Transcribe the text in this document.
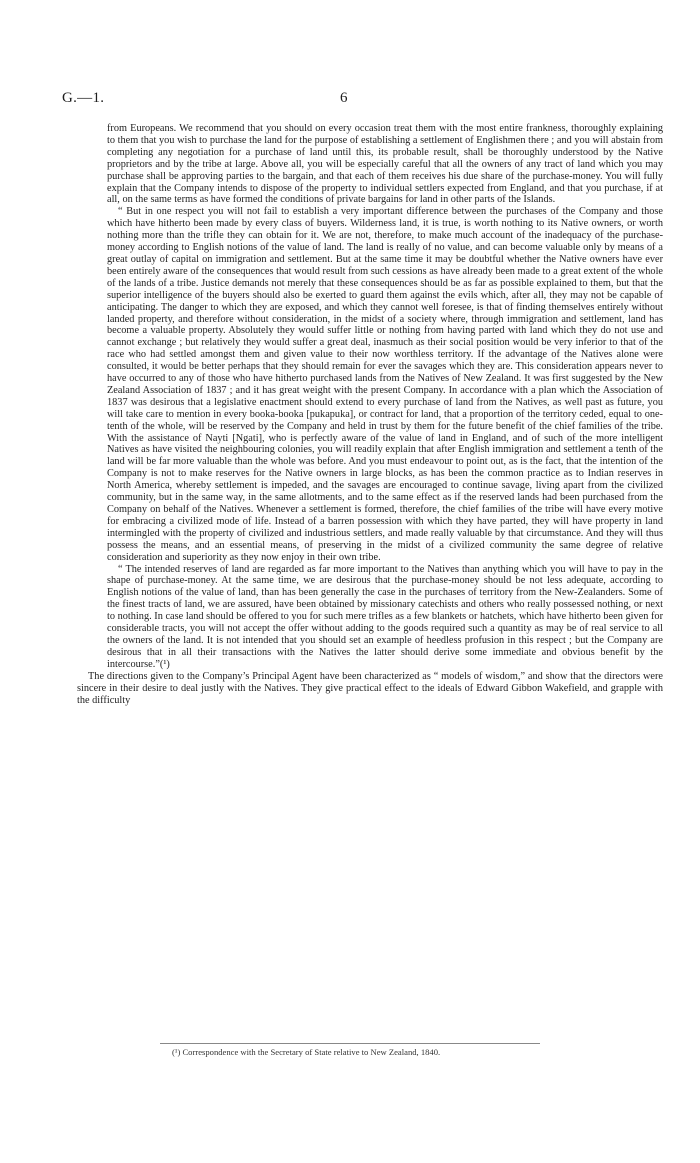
G.—1.	6

from Europeans. We recommend that you should on every occasion treat them with the most entire frankness, thoroughly explaining to them that you wish to purchase the land for the purpose of establishing a settlement of Englishmen there ; and you will abstain from completing any negotiation for a purchase of land until this, its probable result, shall be thoroughly understood by the Native proprietors and by the tribe at large. Above all, you will be especially careful that all the owners of any tract of land which you may purchase shall be approving parties to the bargain, and that each of them receives his due share of the purchase-money. You will fully explain that the Company intends to dispose of the property to individual settlers expected from England, and that you purchase, if at all, on the same terms as have formed the conditions of private bargains for land in other parts of the Islands.

“ But in one respect you will not fail to establish a very important difference between the purchases of the Company and those which have hitherto been made by every class of buyers. Wilderness land, it is true, is worth nothing to its Native owners, or worth nothing more than the trifle they can obtain for it. We are not, therefore, to make much account of the inadequacy of the purchase-money according to English notions of the value of land. The land is really of no value, and can become valuable only by means of a great outlay of capital on immigration and settlement. But at the same time it may be doubtful whether the Native owners have ever been entirely aware of the consequences that would result from such cessions as have already been made to a great extent of the whole of the lands of a tribe. Justice demands not merely that these consequences should be as far as possible explained to them, but that the superior intelligence of the buyers should also be exerted to guard them against the evils which, after all, they may not be capable of anticipating. The danger to which they are exposed, and which they cannot well foresee, is that of finding themselves entirely without landed property, and therefore without consideration, in the midst of a society where, through immigration and settlement, land has become a valuable property. Absolutely they would suffer little or nothing from having parted with land which they do not use and cannot exchange ; but relatively they would suffer a great deal, inasmuch as their social position would be very inferior to that of the race who had settled amongst them and given value to their now worthless territory. If the advantage of the Natives alone were consulted, it would be better perhaps that they should remain for ever the savages which they are. This consideration appears never to have occurred to any of those who have hitherto purchased lands from the Natives of New Zealand. It was first suggested by the New Zealand Association of 1837 ; and it has great weight with the present Company. In accordance with a plan which the Association of 1837 was desirous that a legislative enactment should extend to every purchase of land from the Natives, as well past as future, you will take care to mention in every booka-booka [pukapuka], or contract for land, that a proportion of the territory ceded, equal to one-tenth of the whole, will be reserved by the Company and held in trust by them for the future benefit of the chief families of the tribe. With the assistance of Nayti [Ngati], who is perfectly aware of the value of land in England, and of such of the more intelligent Natives as have visited the neighbouring colonies, you will readily explain that after English immigration and settlement a tenth of the land will be far more valuable than the whole was before. And you must endeavour to point out, as is the fact, that the intention of the Company is not to make reserves for the Native owners in large blocks, as has been the common practice as to Indian reserves in North America, whereby settlement is impeded, and the savages are encouraged to continue savage, living apart from the civilized community, but in the same way, in the same allotments, and to the same effect as if the reserved lands had been purchased from the Company on behalf of the Natives. Whenever a settlement is formed, therefore, the chief families of the tribe will have every motive for embracing a civilized mode of life. Instead of a barren possession with which they have parted, they will have property in land intermingled with the property of civilized and industrious settlers, and made really valuable by that circumstance. And they will thus possess the means, and an essential means, of preserving in the midst of a civilized community the same degree of relative consideration and superiority as they now enjoy in their own tribe.

“ The intended reserves of land are regarded as far more important to the Natives than anything which you will have to pay in the shape of purchase-money. At the same time, we are desirous that the purchase-money should be not less adequate, according to English notions of the value of land, than has been generally the case in the purchases of territory from the New-Zealanders. Some of the finest tracts of land, we are assured, have been obtained by missionary catechists and others who really possessed nothing, or next to nothing. In case land should be offered to you for such mere trifles as a few blankets or hatchets, which have hitherto been given for considerable tracts, you will not accept the offer without adding to the goods required such a quantity as may be of real service to all the owners of the land. It is not intended that you should set an example of heedless profusion in this respect ; but the Company are desirous that in all their transactions with the Natives the latter should derive some immediate and obvious benefit by the intercourse.”(¹)

The directions given to the Company’s Principal Agent have been characterized as “ models of wisdom,” and show that the directors were sincere in their desire to deal justly with the Natives. They give practical effect to the ideals of Edward Gibbon Wakefield, and grapple with the difficulty

(¹) Correspondence with the Secretary of State relative to New Zealand, 1840.
